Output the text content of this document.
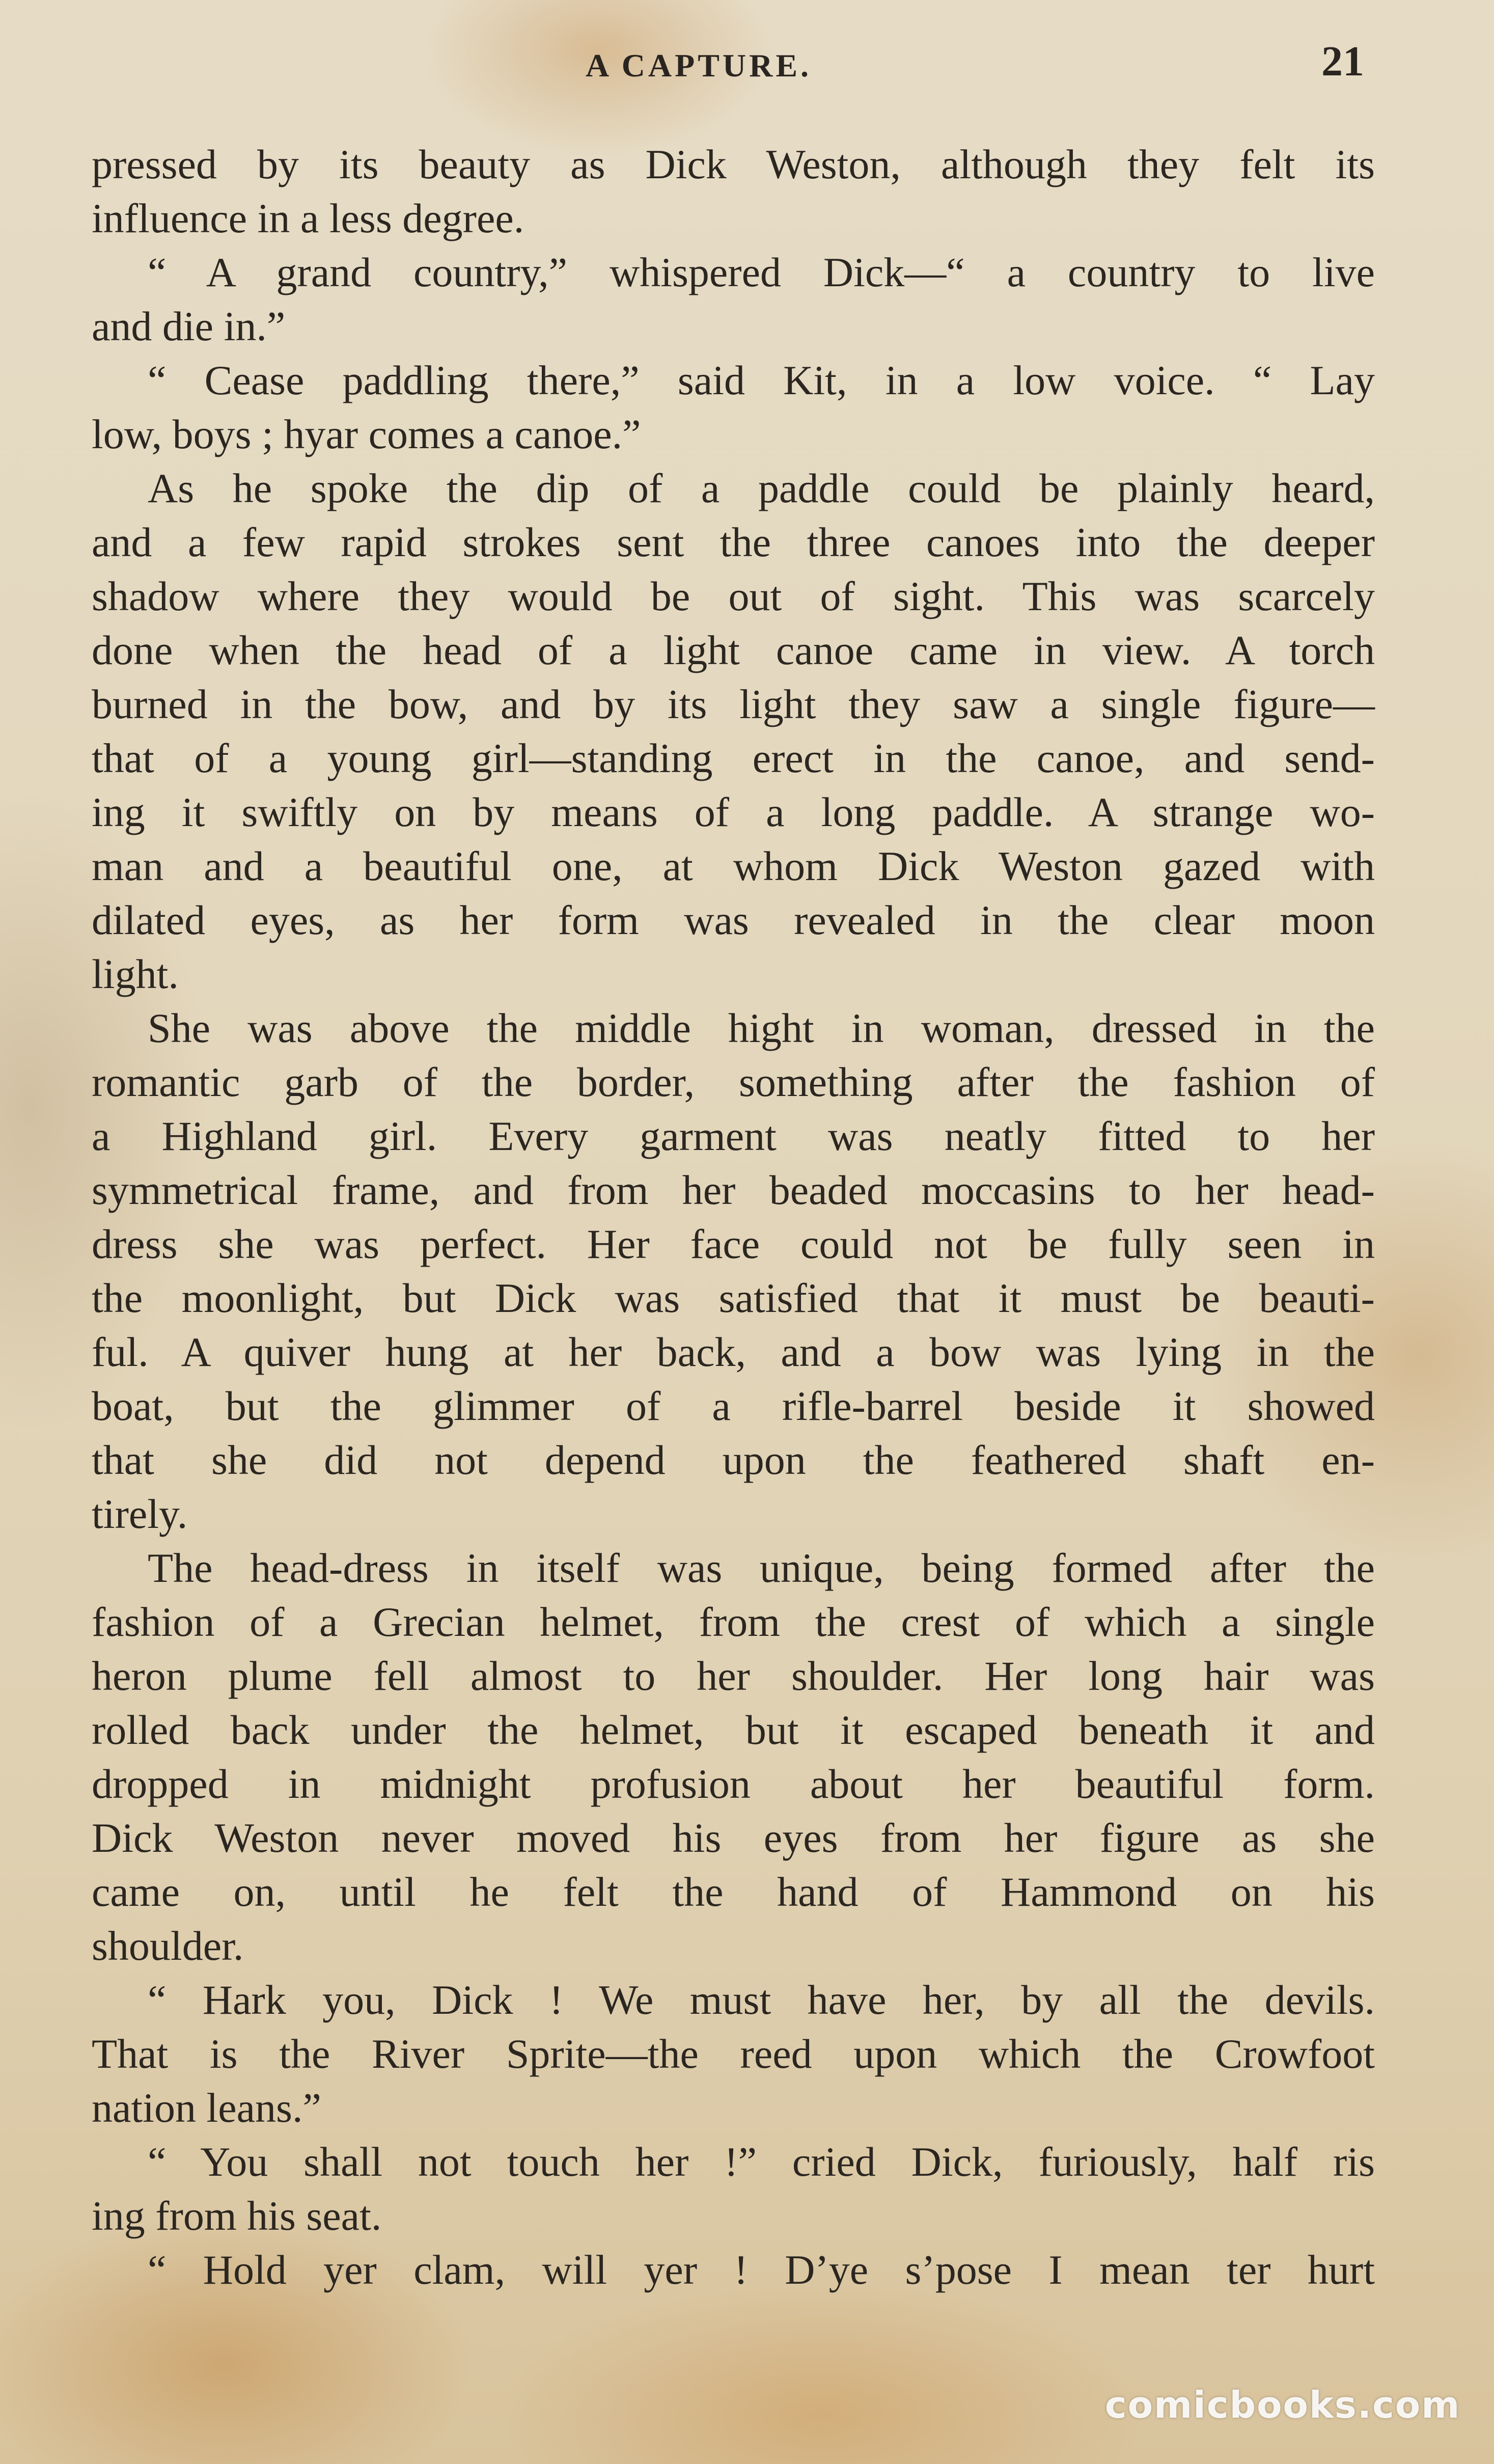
A CAPTURE.	21
pressed by its beauty as Dick Weston, although they felt its
influence in a less degree.
“ A grand country,” whispered Dick—“ a country to live
and die in.”
“ Cease paddling there,” said Kit, in a low voice. “ Lay
low, boys ; hyar comes a canoe.”
As he spoke the dip of a paddle could be plainly heard,
and a few rapid strokes sent the three canoes into the deeper
shadow where they would be out of sight. This was scarcely
done when the head of a light canoe came in view. A torch
burned in the bow, and by its light they saw a single figure—
that of a young girl—standing erect in the canoe, and send-
ing it swiftly on by means of a long paddle. A strange wo-
man and a beautiful one, at whom Dick Weston gazed with
dilated eyes, as her form was revealed in the clear moon
light.
She was above the middle hight in woman, dressed in the
romantic garb of the border, something after the fashion of
a Highland girl. Every garment was neatly fitted to her
symmetrical frame, and from her beaded moccasins to her head-
dress she was perfect. Her face could not be fully seen in
the moonlight, but Dick was satisfied that it must be beauti-
ful. A quiver hung at her back, and a bow was lying in the
boat, but the glimmer of a rifle-barrel beside it showed
that she did not depend upon the feathered shaft en-
tirely.
The head-dress in itself was unique, being formed after the
fashion of a Grecian helmet, from the crest of which a single
heron plume fell almost to her shoulder. Her long hair was
rolled back under the helmet, but it escaped beneath it and
dropped in midnight profusion about her beautiful form.
Dick Weston never moved his eyes from her figure as she
came on, until he felt the hand of Hammond on his
shoulder.
“ Hark you, Dick ! We must have her, by all the devils.
That is the River Sprite—the reed upon which the Crowfoot
nation leans.”
“ You shall not touch her !” cried Dick, furiously, half ris
ing from his seat.
“ Hold yer clam, will yer ! D’ye s’pose I mean ter hurt
comicbooks.com
